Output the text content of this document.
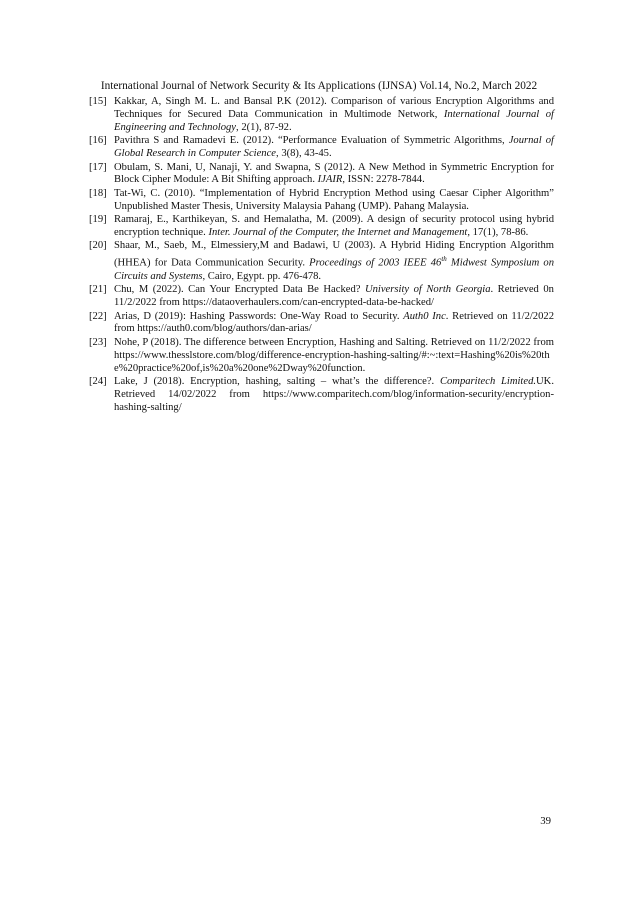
International Journal of Network Security & Its Applications (IJNSA) Vol.14, No.2, March 2022
[15] Kakkar, A, Singh M. L. and Bansal P.K (2012). Comparison of various Encryption Algorithms and Techniques for Secured Data Communication in Multimode Network, International Journal of Engineering and Technology, 2(1), 87-92.
[16] Pavithra S and Ramadevi E. (2012). “Performance Evaluation of Symmetric Algorithms, Journal of Global Research in Computer Science, 3(8), 43-45.
[17] Obulam, S. Mani, U, Nanaji, Y. and Swapna, S (2012). A New Method in Symmetric Encryption for Block Cipher Module: A Bit Shifting approach. IJAIR, ISSN: 2278-7844.
[18] Tat-Wi, C. (2010). “Implementation of Hybrid Encryption Method using Caesar Cipher Algorithm” Unpublished Master Thesis, University Malaysia Pahang (UMP). Pahang Malaysia.
[19] Ramaraj, E., Karthikeyan, S. and Hemalatha, M. (2009). A design of security protocol using hybrid encryption technique. Inter. Journal of the Computer, the Internet and Management, 17(1), 78-86.
[20] Shaar, M., Saeb, M., Elmessiery,M and Badawi, U (2003). A Hybrid Hiding Encryption Algorithm (HHEA) for Data Communication Security. Proceedings of 2003 IEEE 46th Midwest Symposium on Circuits and Systems, Cairo, Egypt. pp. 476-478.
[21] Chu, M (2022). Can Your Encrypted Data Be Hacked? University of North Georgia. Retrieved 0n 11/2/2022 from https://dataoverhaulers.com/can-encrypted-data-be-hacked/
[22] Arias, D (2019): Hashing Passwords: One-Way Road to Security. Auth0 Inc. Retrieved on 11/2/2022 from https://auth0.com/blog/authors/dan-arias/
[23] Nohe, P (2018). The difference between Encryption, Hashing and Salting. Retrieved on 11/2/2022 from https://www.thesslstore.com/blog/difference-encryption-hashing-salting/#:~:text=Hashing%20is%20the%20practice%20of,is%20a%20one%2Dway%20function.
[24] Lake, J (2018). Encryption, hashing, salting – what’s the difference?. Comparitech Limited.UK. Retrieved 14/02/2022 from https://www.comparitech.com/blog/information-security/encryption-hashing-salting/
39
